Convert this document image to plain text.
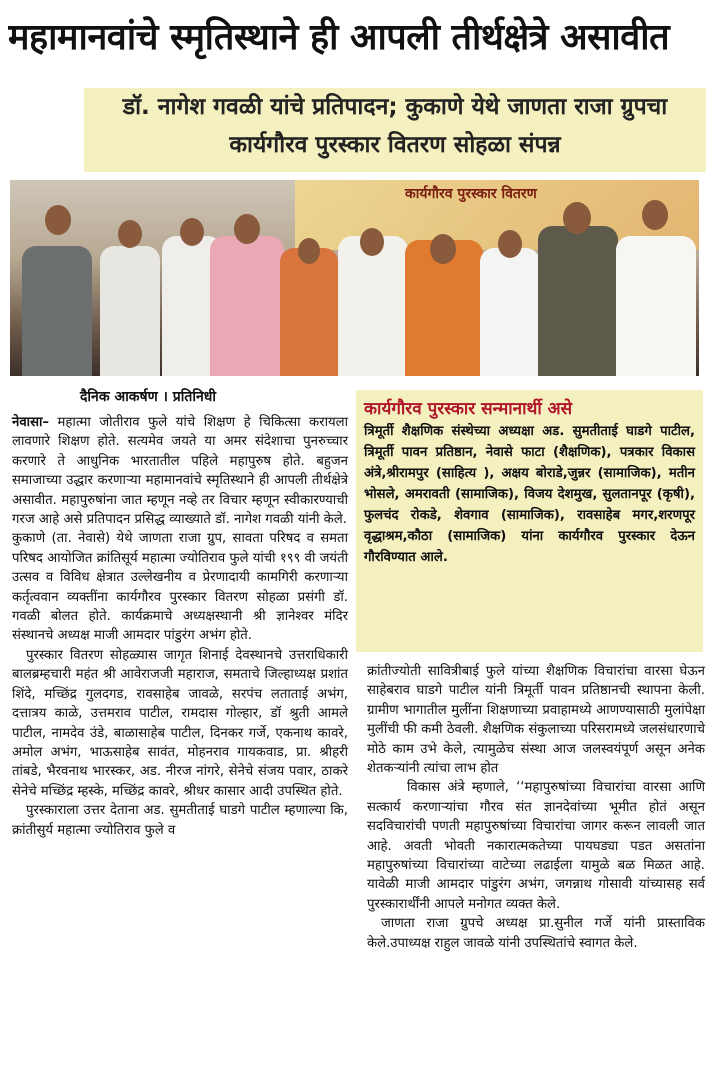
महामानवांचे स्मृतिस्थाने ही आपली तीर्थक्षेत्रे असावीत
डॉ. नागेश गवळी यांचे प्रतिपादन; कुकाणे येथे जाणता राजा ग्रुपचा
कार्यगौरव पुरस्कार वितरण सोहळा संपन्न
कार्यगौरव पुरस्कार वितरण
दैनिक आकर्षण । प्रतिनिधी

नेवासा– महात्मा जोतीराव फुले यांचे शिक्षण हे चिकित्सा करायला लावणारे शिक्षण होते. सत्यमेव जयते या अमर संदेशाचा पुनरुच्चार करणारे ते आधुनिक भारतातील पहिले महापुरुष होते. बहुजन समाजाच्या उद्धार करणाऱ्या महामानवांचे स्मृतिस्थाने ही आपली तीर्थक्षेत्रे असावीत. महापुरुषांना जात म्हणून नव्हे तर विचार म्हणून स्वीकारण्याची गरज आहे असे प्रतिपादन प्रसिद्ध व्याख्याते डॉ. नागेश गवळी यांनी केले.

कुकाणे (ता. नेवासे) येथे जाणता राजा ग्रुप, सावता परिषद व समता परिषद आयोजित क्रांतिसूर्य महात्मा ज्योतिराव फुले यांची १९९ वी जयंती उत्सव व विविध क्षेत्रात उल्लेखनीय व प्रेरणादायी कामगिरी करणाऱ्या कर्तृत्ववान व्यक्तींना कार्यगौरव पुरस्कार वितरण सोहळा प्रसंगी डॉ. गवळी बोलत होते. कार्यक्रमाचे अध्यक्षस्थानी श्री ज्ञानेश्वर मंदिर संस्थानचे अध्यक्ष माजी आमदार पांडुरंग अभंग होते.

पुरस्कार वितरण सोहळ्यास जागृत शिनाई देवस्थानचे उत्तराधिकारी बालब्रम्हचारी महंत श्री आवेराजजी महाराज, समताचे जिल्हाध्यक्ष प्रशांत शिंदे, मच्छिंद्र गुलदगड, रावसाहेब जावळे, सरपंच लताताई अभंग, दत्तात्रय काळे, उत्तमराव पाटील, रामदास गोल्हार, डॉ श्रुती आमले पाटील, नामदेव उंडे, बाळासाहेब पाटील, दिनकर गर्जे, एकनाथ कावरे, अमोल अभंग, भाऊसाहेब सावंत, मोहनराव गायकवाड, प्रा. श्रीहरी तांबडे, भैरवनाथ भारस्कर, अड. नीरज नांगरे, सेनेचे संजय पवार, ठाकरे सेनेचे मच्छिंद्र म्हस्के, मच्छिंद्र कावरे, श्रीधर कासार आदी उपस्थित होते.

पुरस्काराला उत्तर देताना अड. सुमतीताई घाडगे पाटील म्हणाल्या कि, क्रांतीसुर्य महात्मा ज्योतिराव फुले व

कार्यगौरव पुरस्कार सन्मानार्थी असे
त्रिमूर्ती शैक्षणिक संस्थेच्या अध्यक्षा अड. सुमतीताई घाडगे पाटील, त्रिमूर्ती पावन प्रतिष्ठान, नेवासे फाटा (शैक्षणिक), पत्रकार विकास अंत्रे,श्रीरामपुर (साहित्य ), अक्षय बोराडे,जुन्नर (सामाजिक), मतीन भोसले, अमरावती (सामाजिक), विजय देशमुख, सुलतानपूर (कृषी), फुलचंद रोकडे, शेवगाव (सामाजिक), रावसाहेब मगर,शरणपूर वृद्धाश्रम,कौठा (सामाजिक) यांना कार्यगौरव पुरस्कार देऊन गौरविण्यात आले.

क्रांतीज्योती सावित्रीबाई फुले यांच्या शैक्षणिक विचारांचा वारसा घेऊन साहेबराव घाडगे पाटील यांनी त्रिमूर्ती पावन प्रतिष्ठानची स्थापना केली. ग्रामीण भागातील मुलींना शिक्षणाच्या प्रवाहामध्ये आणण्यासाठी मुलांपेक्षा मुलींची फी कमी ठेवली. शैक्षणिक संकुलाच्या परिसरामध्ये जलसंधारणाचे मोठे काम उभे केले, त्यामुळेच संस्था आज जलस्वयंपूर्ण असून अनेक शेतकऱ्यांनी त्यांचा लाभ होत

विकास अंत्रे म्हणाले, ‘‘महापुरुषांच्या विचारांचा वारसा आणि सत्कार्य करणाऱ्यांचा गौरव संत ज्ञानदेवांच्या भूमीत होतं असून सदविचारांची पणती महापुरुषांच्या विचारांचा जागर करून लावली जात आहे. अवती भोवती नकारात्मकतेच्या पायघड्या पडत असतांना महापुरुषांच्या विचारांच्या वाटेच्या लढाईला यामुळे बळ मिळत आहे. यावेळी माजी आमदार पांडुरंग अभंग, जगन्नाथ गोसावी यांच्यासह सर्व पुरस्कारार्थींनी आपले मनोगत व्यक्त केले.

जाणता राजा ग्रुपचे अध्यक्ष प्रा.सुनील गर्जे यांनी प्रास्ताविक केले.उपाध्यक्ष राहुल जावळे यांनी उपस्थितांचे स्वागत केले.
